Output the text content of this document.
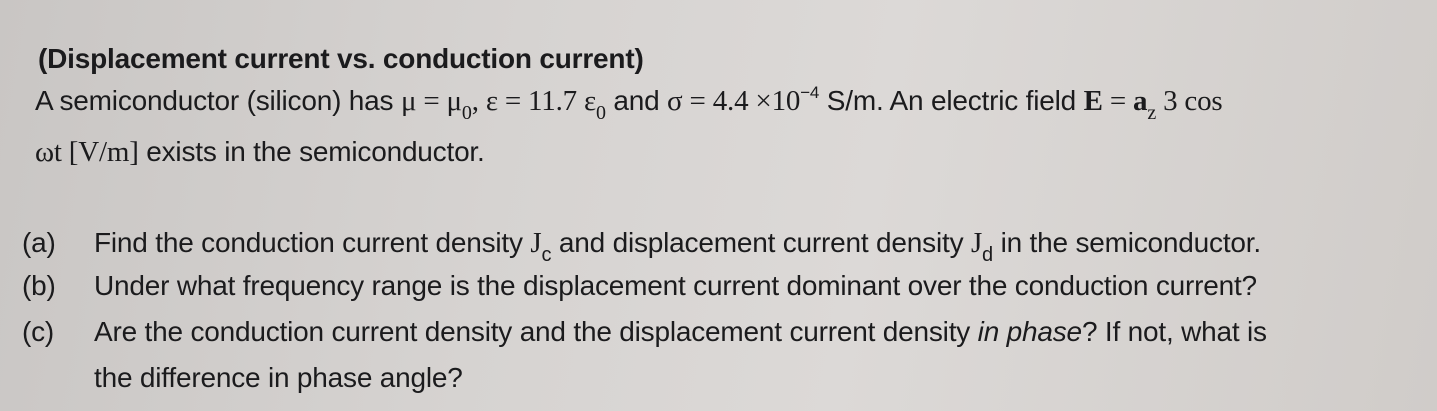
(Displacement current vs. conduction current)
A semiconductor (silicon) has $\mu = \mu_0$, ε = 11.7 $\varepsilon_0$ and $\sigma = 4.4 \times 10^{-4}$ S/m. An electric field $E = a_z$ 3 cos
ωt [V/m] exists in the semiconductor.
(a) Find the conduction current density $J_c$ and displacement current density $J_d$ in the semiconductor.
(b) Under what frequency range is the displacement current dominant over the conduction current?
(c) Are the conduction current density and the displacement current density in phase? If not, what is
the difference in phase angle?
